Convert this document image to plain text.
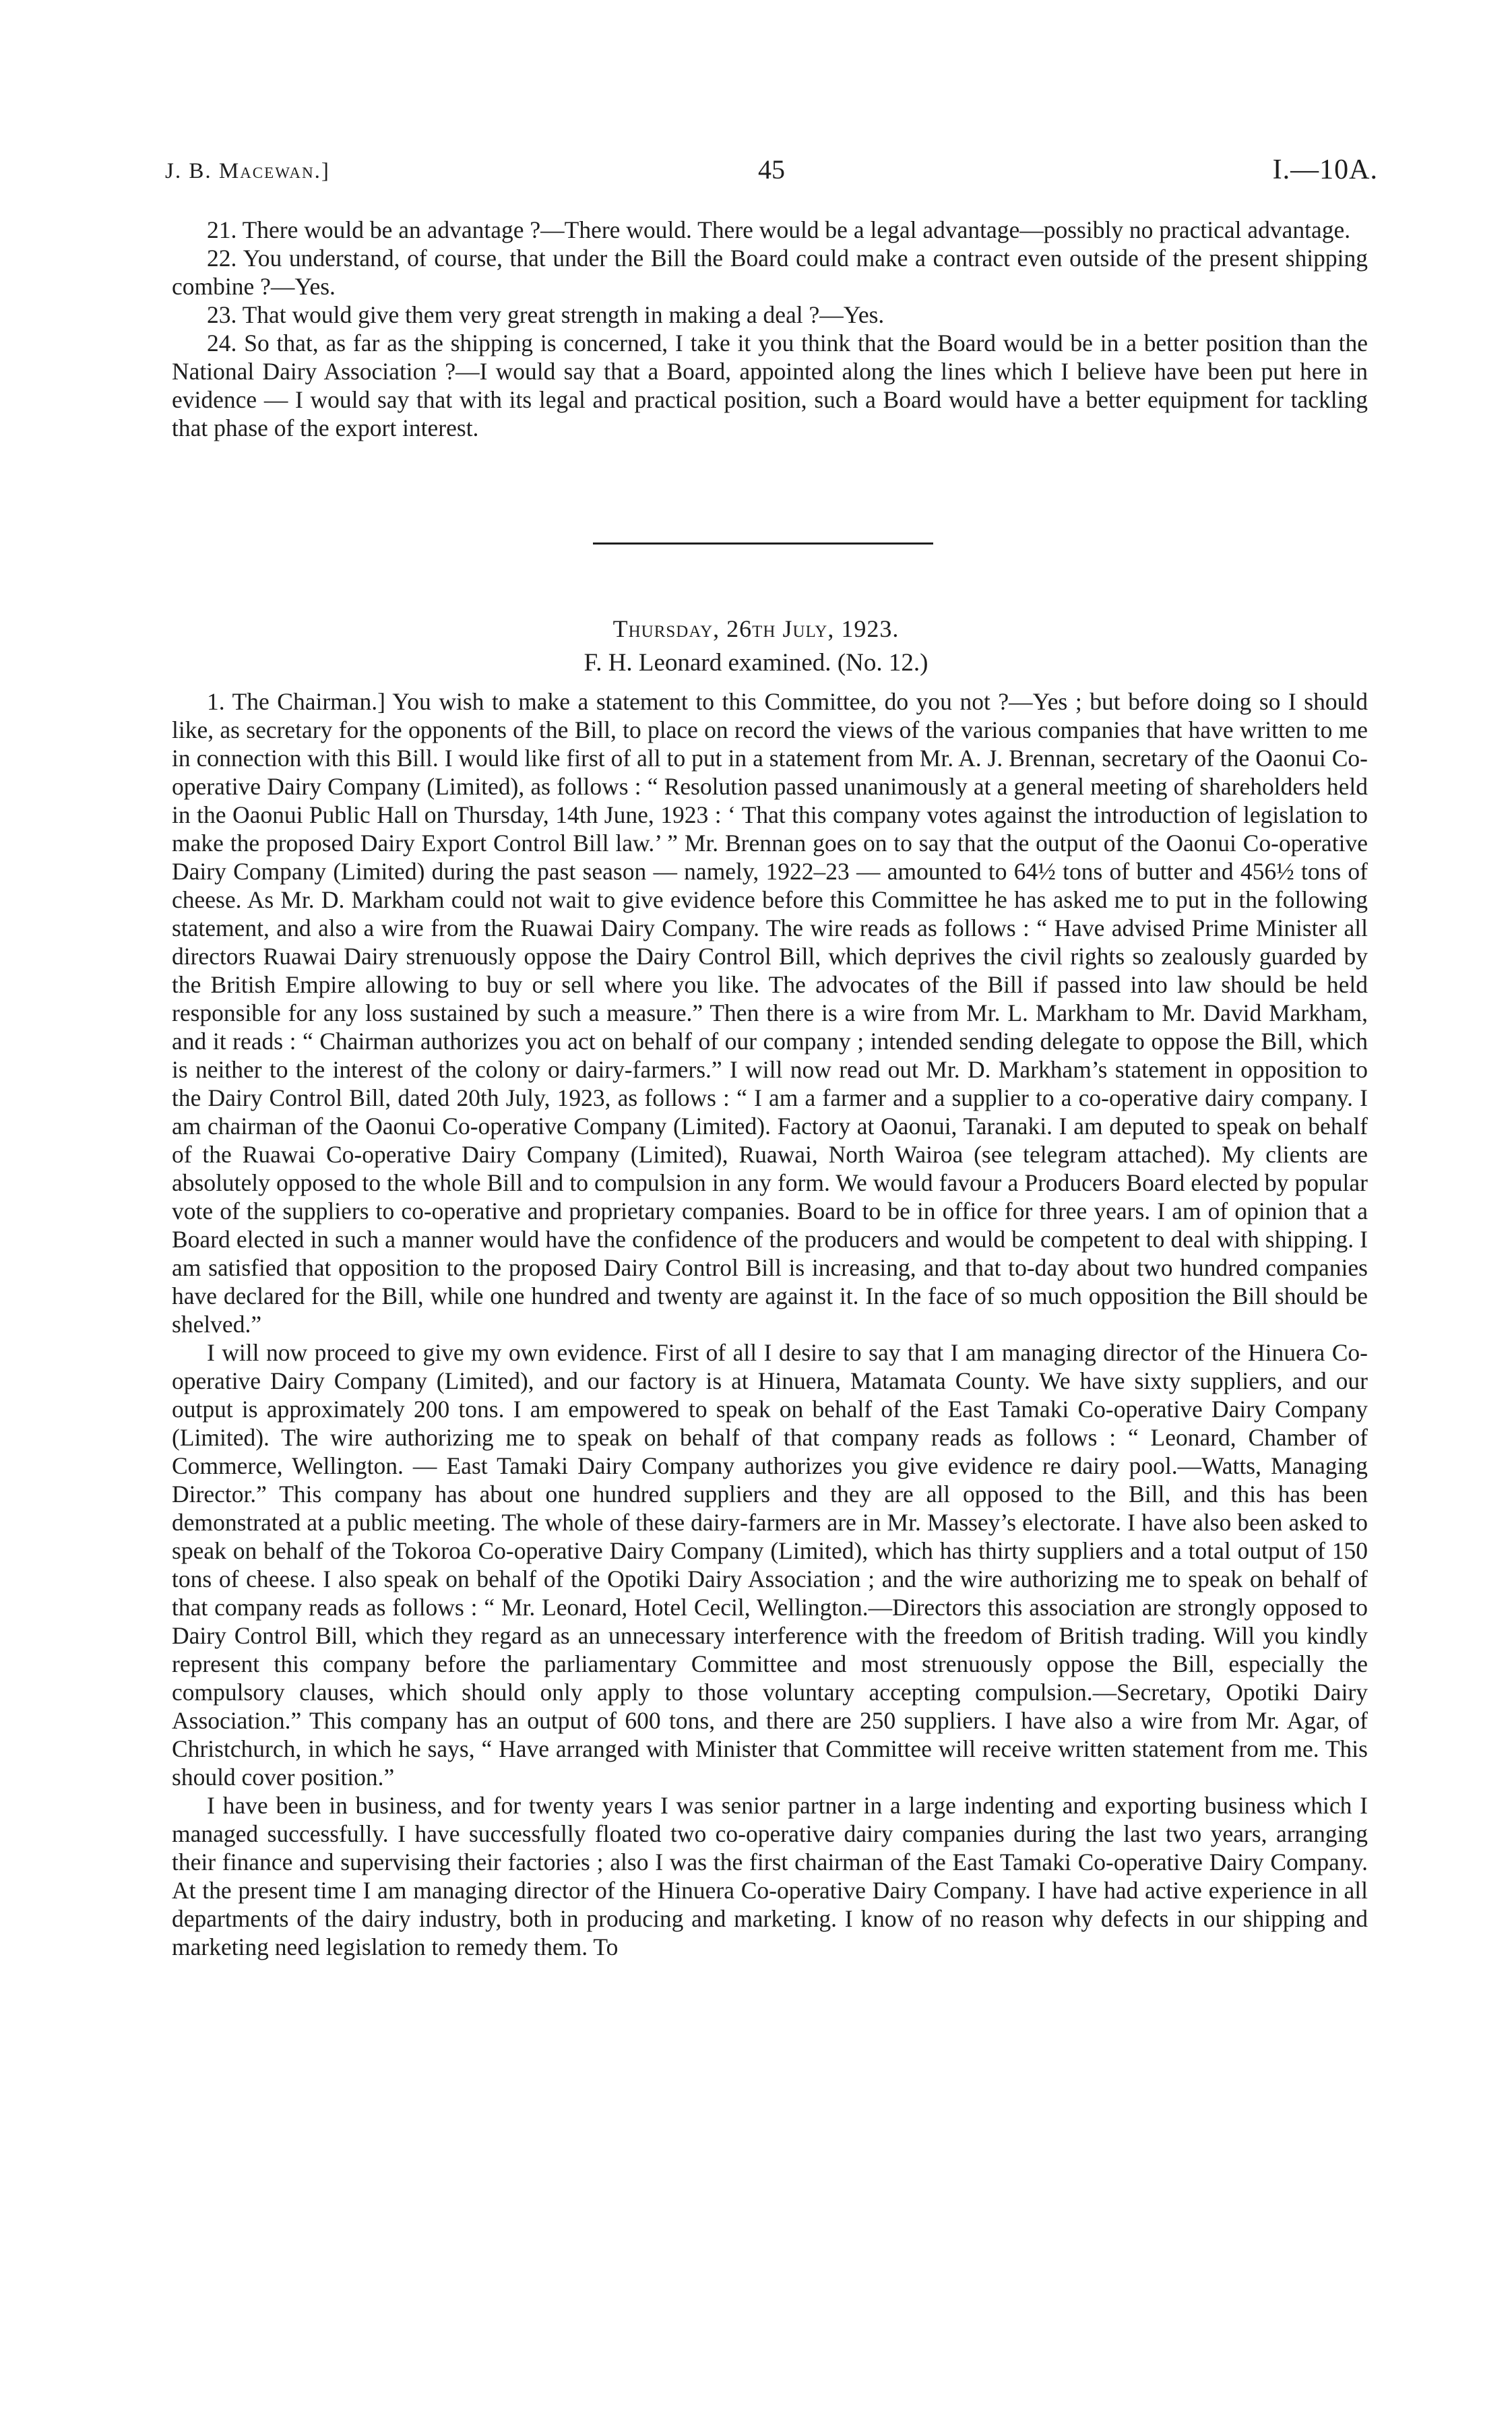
J. B. Macewan.]	45	I.—10A.

21. There would be an advantage ?—There would. There would be a legal advantage—possibly no practical advantage.

22. You understand, of course, that under the Bill the Board could make a contract even outside of the present shipping combine ?—Yes.

23. That would give them very great strength in making a deal ?—Yes.

24. So that, as far as the shipping is concerned, I take it you think that the Board would be in a better position than the National Dairy Association ?—I would say that a Board, appointed along the lines which I believe have been put here in evidence — I would say that with its legal and practical position, such a Board would have a better equipment for tackling that phase of the export interest.

Thursday, 26th July, 1923.
F. H. Leonard examined. (No. 12.)

1. The Chairman.] You wish to make a statement to this Committee, do you not ?—Yes ; but before doing so I should like, as secretary for the opponents of the Bill, to place on record the views of the various companies that have written to me in connection with this Bill. I would like first of all to put in a statement from Mr. A. J. Brennan, secretary of the Oaonui Co-operative Dairy Company (Limited), as follows : “ Resolution passed unanimously at a general meeting of shareholders held in the Oaonui Public Hall on Thursday, 14th June, 1923 : ‘ That this company votes against the introduction of legislation to make the proposed Dairy Export Control Bill law.’ ” Mr. Brennan goes on to say that the output of the Oaonui Co-operative Dairy Company (Limited) during the past season — namely, 1922–23 — amounted to 64½ tons of butter and 456½ tons of cheese. As Mr. D. Markham could not wait to give evidence before this Committee he has asked me to put in the following statement, and also a wire from the Ruawai Dairy Company. The wire reads as follows : “ Have advised Prime Minister all directors Ruawai Dairy strenuously oppose the Dairy Control Bill, which deprives the civil rights so zealously guarded by the British Empire allowing to buy or sell where you like. The advocates of the Bill if passed into law should be held responsible for any loss sustained by such a measure.” Then there is a wire from Mr. L. Markham to Mr. David Markham, and it reads : “ Chairman authorizes you act on behalf of our company ; intended sending delegate to oppose the Bill, which is neither to the interest of the colony or dairy-farmers.” I will now read out Mr. D. Markham’s statement in opposition to the Dairy Control Bill, dated 20th July, 1923, as follows : “ I am a farmer and a supplier to a co-operative dairy company. I am chairman of the Oaonui Co-operative Company (Limited). Factory at Oaonui, Taranaki. I am deputed to speak on behalf of the Ruawai Co-operative Dairy Company (Limited), Ruawai, North Wairoa (see telegram attached). My clients are absolutely opposed to the whole Bill and to compulsion in any form. We would favour a Producers Board elected by popular vote of the suppliers to co-operative and proprietary companies. Board to be in office for three years. I am of opinion that a Board elected in such a manner would have the confidence of the producers and would be competent to deal with shipping. I am satisfied that opposition to the proposed Dairy Control Bill is increasing, and that to-day about two hundred companies have declared for the Bill, while one hundred and twenty are against it. In the face of so much opposition the Bill should be shelved.”

I will now proceed to give my own evidence. First of all I desire to say that I am managing director of the Hinuera Co-operative Dairy Company (Limited), and our factory is at Hinuera, Matamata County. We have sixty suppliers, and our output is approximately 200 tons. I am empowered to speak on behalf of the East Tamaki Co-operative Dairy Company (Limited). The wire authorizing me to speak on behalf of that company reads as follows : “ Leonard, Chamber of Commerce, Wellington. — East Tamaki Dairy Company authorizes you give evidence re dairy pool.—Watts, Managing Director.” This company has about one hundred suppliers and they are all opposed to the Bill, and this has been demonstrated at a public meeting. The whole of these dairy-farmers are in Mr. Massey’s electorate. I have also been asked to speak on behalf of the Tokoroa Co-operative Dairy Company (Limited), which has thirty suppliers and a total output of 150 tons of cheese. I also speak on behalf of the Opotiki Dairy Association ; and the wire authorizing me to speak on behalf of that company reads as follows : “ Mr. Leonard, Hotel Cecil, Wellington.—Directors this association are strongly opposed to Dairy Control Bill, which they regard as an unnecessary interference with the freedom of British trading. Will you kindly represent this company before the parliamentary Committee and most strenuously oppose the Bill, especially the compulsory clauses, which should only apply to those voluntary accepting compulsion.—Secretary, Opotiki Dairy Association.” This company has an output of 600 tons, and there are 250 suppliers. I have also a wire from Mr. Agar, of Christchurch, in which he says, “ Have arranged with Minister that Committee will receive written statement from me. This should cover position.”

I have been in business, and for twenty years I was senior partner in a large indenting and exporting business which I managed successfully. I have successfully floated two co-operative dairy companies during the last two years, arranging their finance and supervising their factories ; also I was the first chairman of the East Tamaki Co-operative Dairy Company. At the present time I am managing director of the Hinuera Co-operative Dairy Company. I have had active experience in all departments of the dairy industry, both in producing and marketing. I know of no reason why defects in our shipping and marketing need legislation to remedy them. To
